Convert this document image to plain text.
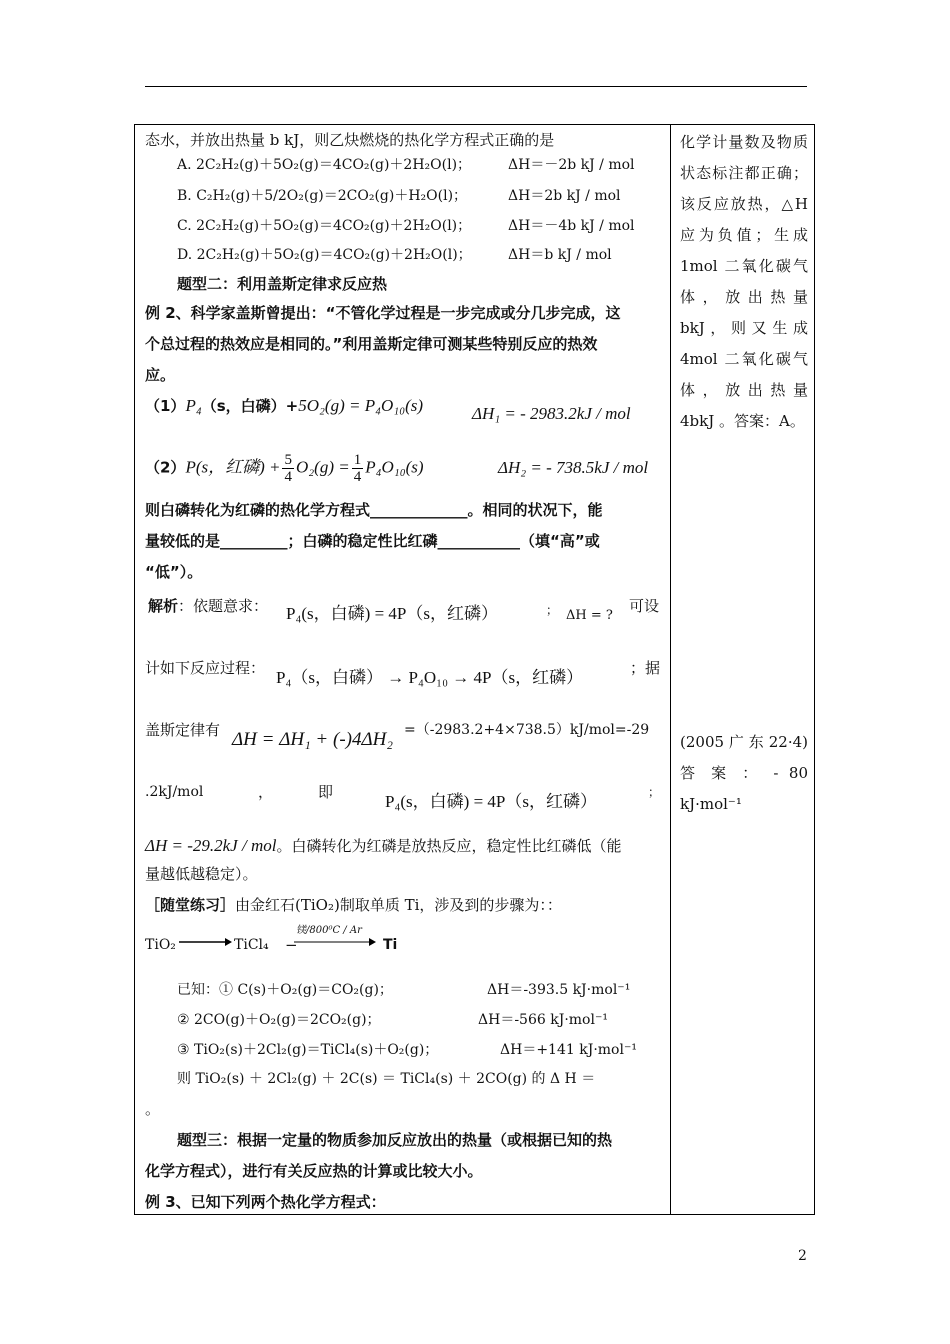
态水，并放出热量 b kJ，则乙炔燃烧的热化学方程式正确的是
A. 2C₂H₂(g)＋5O₂(g)＝4CO₂(g)＋2H₂O(l)；	ΔH＝－2b kJ / mol
B. C₂H₂(g)＋5/2O₂(g)＝2CO₂(g)＋H₂O(l)；	ΔH＝2b kJ / mol
C. 2C₂H₂(g)＋5O₂(g)＝4CO₂(g)＋2H₂O(l)；	ΔH＝－4b kJ / mol
D. 2C₂H₂(g)＋5O₂(g)＝4CO₂(g)＋2H₂O(l)；	ΔH＝b kJ / mol
题型二：利用盖斯定律求反应热
例 2、科学家盖斯曾提出：“不管化学过程是一步完成或分几步完成，这
个总过程的热效应是相同的。”利用盖斯定律可测某些特别反应的热效
应。
（1）P₄（s，白磷）+5O₂(g) = P₄O₁₀(s)	ΔH₁ = - 2983.2kJ / mol
（2）P(s，红磷) + $\frac{5}{4} O_2(g) = \frac{1}{4} P_4O_{10}(s)$	ΔH₂ = - 738.5kJ / mol
则白磷转化为红磷的热化学方程式_____________。相同的状况下，能
量较低的是_________；白磷的稳定性比红磷___________（填“高”或
“低”）。
解析：依题意求： P₄(s，白磷) = 4P（s，红磷）	； ΔH = ?
可设
计如下反应过程： P₄（s，白磷） → P₄O₁₀ → 4P（s，红磷）	；据
盖斯定律有 ΔH = ΔH₁ + (-)4ΔH₂ =（-2983.2+4×738.5）kJ/mol=-29
.2kJ/mol	，	即	P₄(s，白磷) = 4P（s，红磷）	；
ΔH = -29.2kJ / mol。白磷转化为红磷是放热反应，稳定性比红磷低（能
量越低越稳定）。
［随堂练习］由金红石(TiO₂)制取单质 Ti，涉及到的步骤为：：
TiO₂	TiCl₄ −
镁/800⁰C / Ar
Ti
已知：① C(s)＋O₂(g)＝CO₂(g)；	ΔH＝-393.5 kJ·mol⁻¹
② 2CO(g)＋O₂(g)＝2CO₂(g)；	ΔH＝-566 kJ·mol⁻¹
③ TiO₂(s)＋2Cl₂(g)＝TiCl₄(s)＋O₂(g)；	ΔH＝+141 kJ·mol⁻¹
则 TiO₂(s) ＋ 2Cl₂(g) ＋ 2C(s) ＝ TiCl₄(s) ＋ 2CO(g) 的 Δ H ＝
。
题型三：根据一定量的物质参加反应放出的热量（或根据已知的热
化学方程式），进行有关反应热的计算或比较大小。
例 3、已知下列两个热化学方程式：
化学计量数及物质状态标注都正确；该反应放热，△H应为负值；生成 1mol 二氧化碳气体，放出热量 bkJ，则又生成 4mol 二氧化碳气体，放出热量 4bkJ 。答案：A。
(2005 广 东 22·4) 答 案 ： - 80 kJ·mol⁻¹
2
